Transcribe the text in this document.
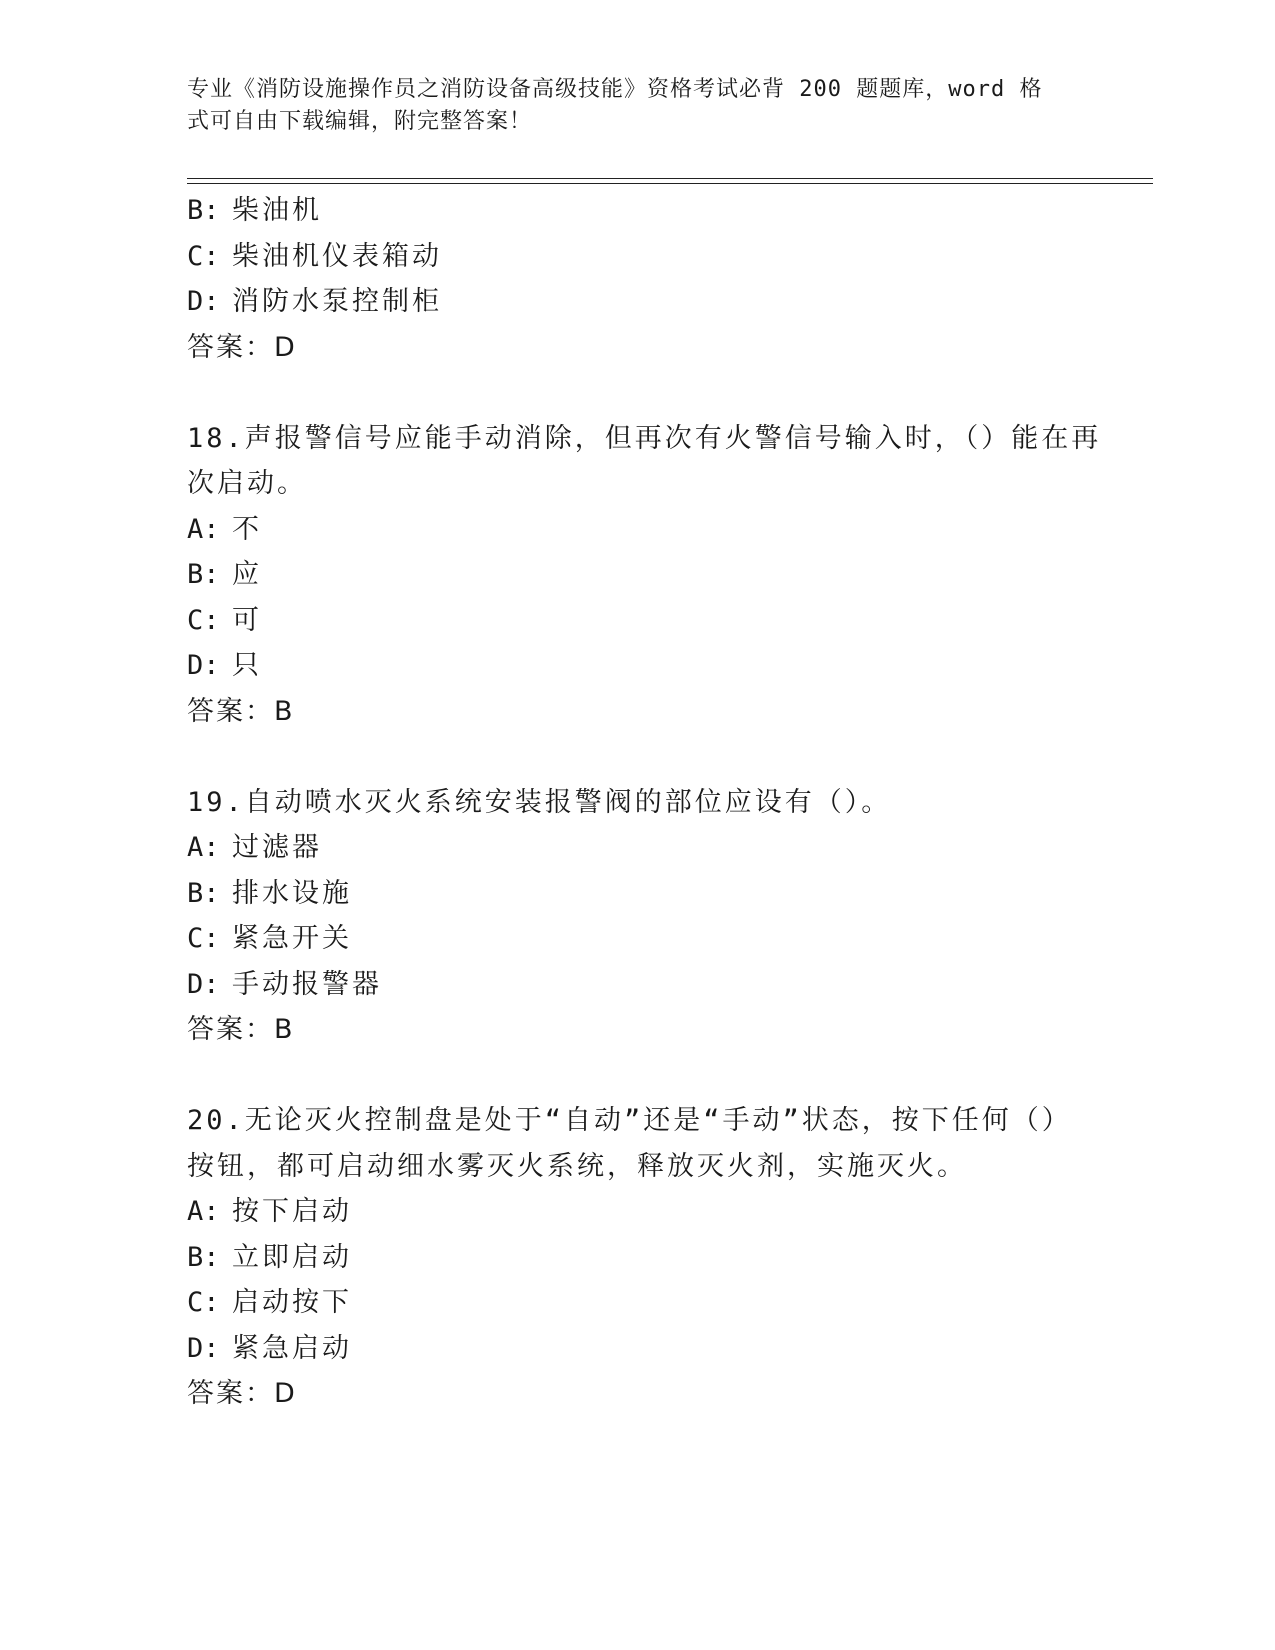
专业《消防设施操作员之消防设备高级技能》资格考试必背 200 题题库，word 格
式可自由下载编辑，附完整答案！
B: 柴油机
C: 柴油机仪表箱动
D: 消防水泵控制柜
答案：D
18.声报警信号应能手动消除，但再次有火警信号输入时，（）能在再
次启动。
A: 不
B: 应
C: 可
D: 只
答案：B
19.自动喷水灭火系统安装报警阀的部位应设有（）。
A: 过滤器
B: 排水设施
C: 紧急开关
D: 手动报警器
答案：B
20.无论灭火控制盘是处于“自动”还是“手动”状态，按下任何（）
按钮，都可启动细水雾灭火系统，释放灭火剂，实施灭火。
A: 按下启动
B: 立即启动
C: 启动按下
D: 紧急启动
答案：D
